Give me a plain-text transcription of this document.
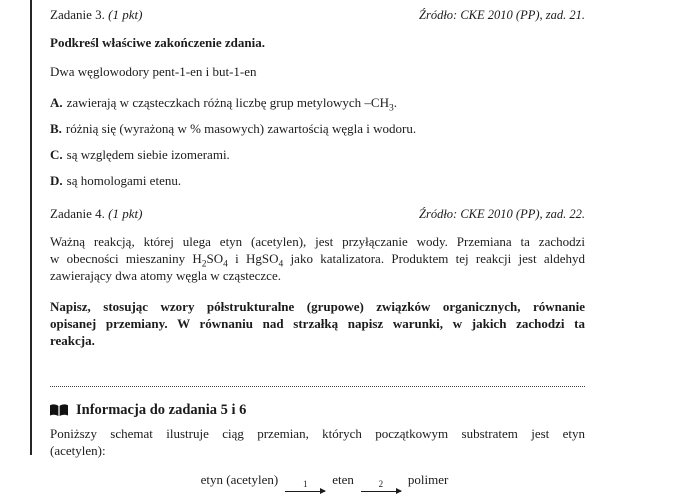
Zadanie 3. (1 pkt)	Źródło: CKE 2010 (PP), zad. 21.
Podkreśl właściwe zakończenie zdania.
Dwa węglowodory pent-1-en i but-1-en
A. zawierają w cząsteczkach różną liczbę grup metylowych $-CH_3$.
B. różnią się (wyrażoną w % masowych) zawartością węgla i wodoru.
C. są względem siebie izomerami.
D. są homologami etenu.
Zadanie 4. (1 pkt)	Źródło: CKE 2010 (PP), zad. 22.
Ważną reakcją, której ulega etyn (acetylen), jest przyłączanie wody. Przemiana ta zachodzi
w obecności mieszaniny $H_2SO_4$ i HgSO$_4$ jako katalizatora. Produktem tej reakcji jest aldehyd
zawierający dwa atomy węgla w cząsteczce.
Napisz, stosując wzory półstrukturalne (grupowe) związków organicznych, równanie
opisanej przemiany. W równaniu nad strzałką napisz warunki, w jakich zachodzi ta
reakcja.
Informacja do zadania 5 i 6
Poniższy schemat ilustruje ciąg przemian, których początkowym substratem jest etyn
(acetylen):
etyn (acetylen)	1 eten	2 polimer
